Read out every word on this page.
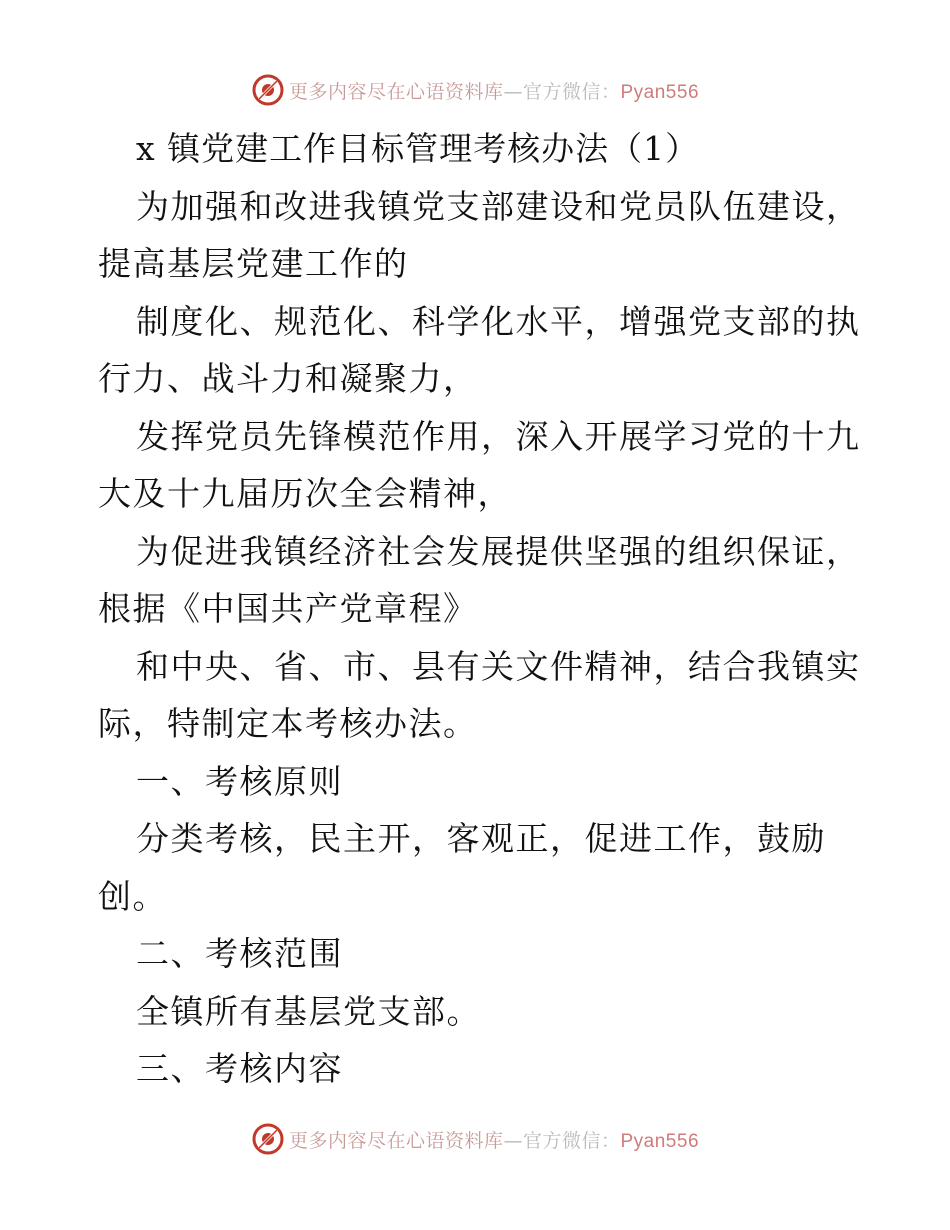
更多内容尽在心语资料库—官方微信：Pyan556
x 镇党建工作目标管理考核办法（1）
为加强和改进我镇党支部建设和党员队伍建设，
提高基层党建工作的
制度化、规范化、科学化水平，增强党支部的执
行力、战斗力和凝聚力，
发挥党员先锋模范作用，深入开展学习党的十九
大及十九届历次全会精神，
为促进我镇经济社会发展提供坚强的组织保证，
根据《中国共产党章程》
和中央、省、市、县有关文件精神，结合我镇实
际，特制定本考核办法。
一、考核原则
分类考核，民主开，客观正，促进工作，鼓励
创。
二、考核范围
全镇所有基层党支部。
三、考核内容
更多内容尽在心语资料库—官方微信：Pyan556
